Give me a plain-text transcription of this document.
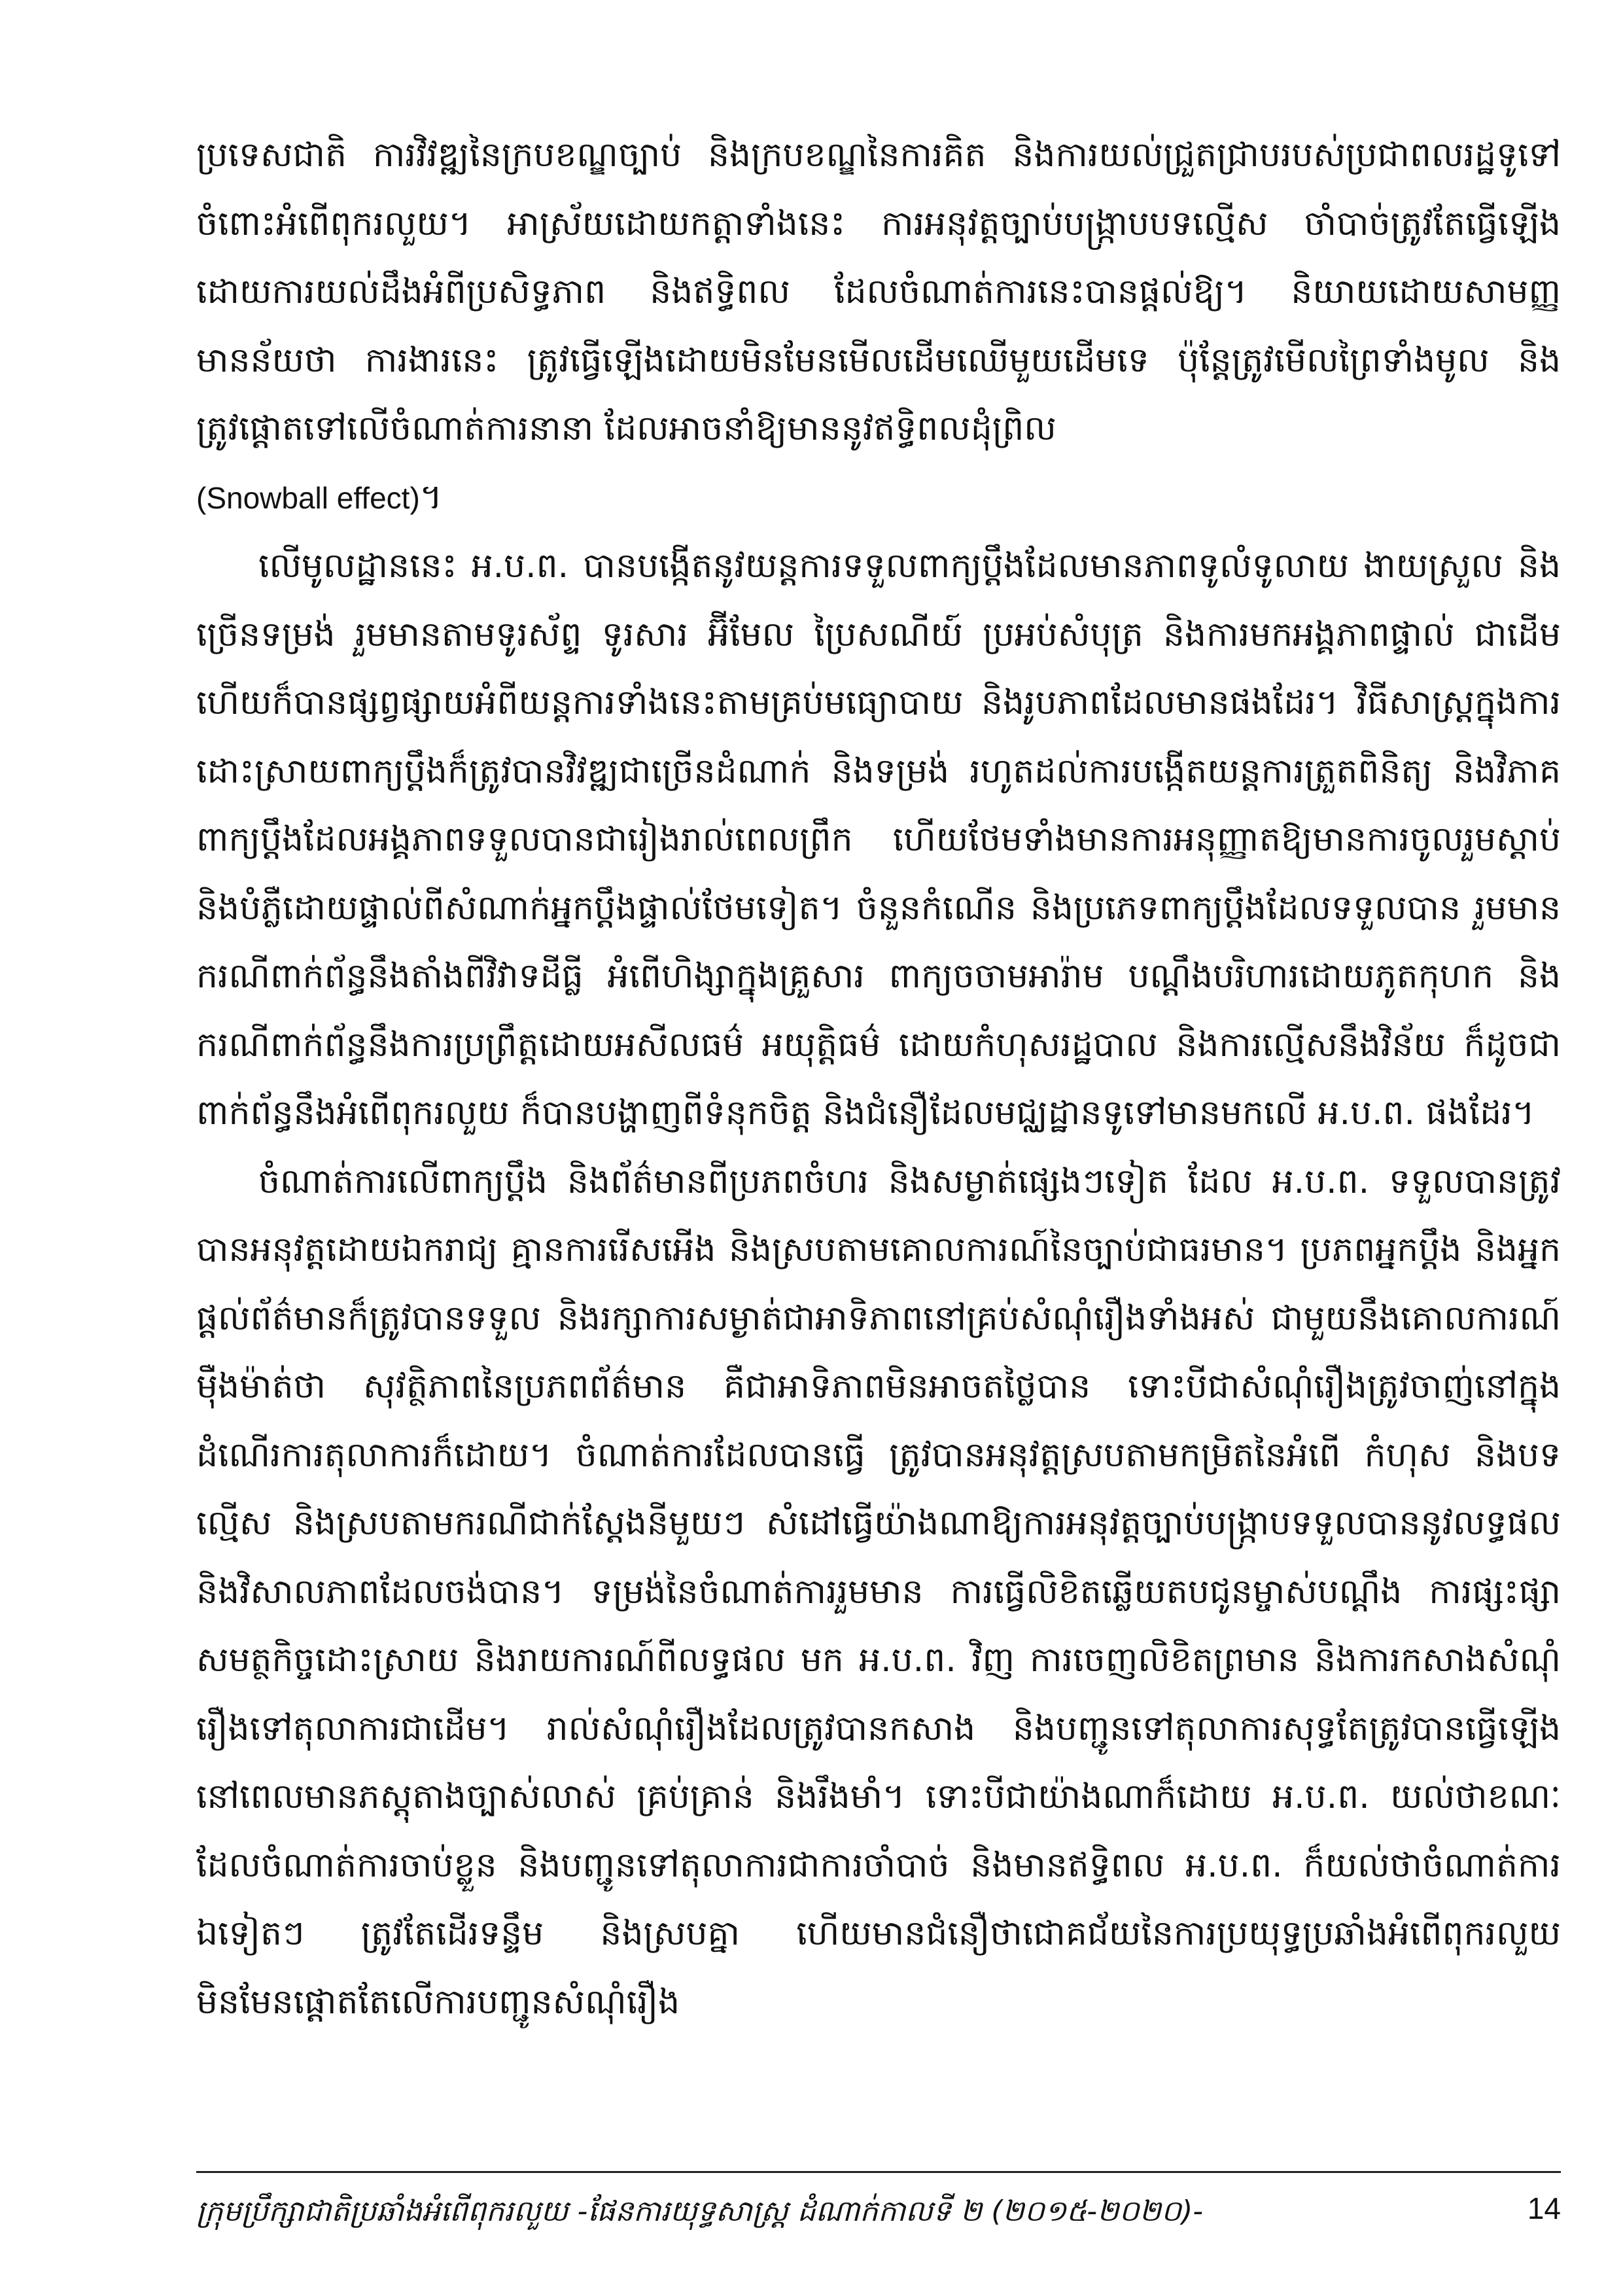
ប្រទេសជាតិ ការវិវឌ្ឍនៃក្របខណ្ឌច្បាប់ និងក្របខណ្ឌនៃការគិត និងការយល់ជ្រួតជ្រាបរបស់ប្រជាពលរដ្ឋទូទៅចំពោះអំពើពុករលួយ។ អាស្រ័យដោយកត្តាទាំងនេះ ការអនុវត្តច្បាប់បង្ក្រាបបទល្មើស ចាំបាច់ត្រូវតែធ្វើឡើងដោយការយល់ដឹងអំពីប្រសិទ្ធភាព និងឥទ្ធិពល ដែលចំណាត់ការនេះបានផ្តល់ឱ្យ។ និយាយដោយសាមញ្ញមានន័យថា ការងារនេះ ត្រូវធ្វើឡើងដោយមិនមែនមើលដើមឈើមួយដើមទេ ប៉ុន្តែត្រូវមើលព្រៃទាំងមូល និងត្រូវផ្តោតទៅលើចំណាត់ការនានា ដែលអាចនាំឱ្យមាននូវឥទ្ធិពលដុំព្រិល
(Snowball effect)។

លើមូលដ្ឋាននេះ អ.ប.ព. បានបង្កើតនូវយន្តការទទួលពាក្យប្តឹងដែលមានភាពទូលំទូលាយ ងាយស្រួល និងច្រើនទម្រង់ រួមមានតាមទូរស័ព្ទ ទូរសារ អ៊ីមែល ប្រៃសណីយ៍ ប្រអប់សំបុត្រ និងការមកអង្គភាពផ្ទាល់ ជាដើម ហើយក៏បានផ្សព្វផ្សាយអំពីយន្តការទាំងនេះតាមគ្រប់មធ្យោបាយ និងរូបភាពដែលមានផងដែរ។ វិធីសាស្ត្រក្នុងការដោះស្រាយពាក្យប្តឹងក៏ត្រូវបានវិវឌ្ឍជាច្រើនដំណាក់ និងទម្រង់ រហូតដល់ការបង្កើតយន្តការត្រួតពិនិត្យ និងវិភាគពាក្យប្តឹងដែលអង្គភាពទទួលបានជារៀងរាល់ពេលព្រឹក ហើយថែមទាំងមានការអនុញ្ញាតឱ្យមានការចូលរួមស្តាប់ និងបំភ្លឺដោយផ្ទាល់ពីសំណាក់អ្នកប្តឹងផ្ទាល់ថែមទៀត។ ចំនួនកំណើន និងប្រភេទពាក្យប្តឹងដែលទទួលបាន រួមមានករណីពាក់ព័ន្ធនឹងតាំងពីវិវាទដីធ្លី អំពើហិង្សាក្នុងគ្រួសារ ពាក្យចចាមអារ៉ាម បណ្តឹងបរិហារដោយភូតកុហក និងករណីពាក់ព័ន្ធនឹងការប្រព្រឹត្តដោយអសីលធម៌ អយុត្តិធម៌ ដោយកំហុសរដ្ឋបាល និងការល្មើសនឹងវិន័យ ក៏ដូចជាពាក់ព័ន្ធនឹងអំពើពុករលួយ ក៏បានបង្ហាញពីទំនុកចិត្ត និងជំនឿដែលមជ្ឈដ្ឋានទូទៅមានមកលើ អ.ប.ព. ផងដែរ។

ចំណាត់ការលើពាក្យប្តឹង និងព័ត៌មានពីប្រភពចំហរ និងសម្ងាត់ផ្សេងៗទៀត ដែល អ.ប.ព. ទទួលបានត្រូវបានអនុវត្តដោយឯករាជ្យ គ្មានការរើសអើង និងស្របតាមគោលការណ៍នៃច្បាប់ជាធរមាន។ ប្រភពអ្នកប្តឹង និងអ្នកផ្តល់ព័ត៌មានក៏ត្រូវបានទទួល និងរក្សាការសម្ងាត់ជាអាទិភាពនៅគ្រប់សំណុំរឿងទាំងអស់ ជាមួយនឹងគោលការណ៍ម៉ឺងម៉ាត់ថា សុវត្ថិភាពនៃប្រភពព័ត៌មាន គឺជាអាទិភាពមិនអាចតថ្លៃបាន ទោះបីជាសំណុំរឿងត្រូវចាញ់នៅក្នុងដំណើរការតុលាការក៏ដោយ។ ចំណាត់ការដែលបានធ្វើ ត្រូវបានអនុវត្តស្របតាមកម្រិតនៃអំពើ កំហុស និងបទល្មើស និងស្របតាមករណីជាក់ស្តែងនីមួយៗ សំដៅធ្វើយ៉ាងណាឱ្យការអនុវត្តច្បាប់បង្ក្រាបទទួលបាននូវលទ្ធផល និងវិសាលភាពដែលចង់បាន។ ទម្រង់នៃចំណាត់ការរួមមាន ការធ្វើលិខិតឆ្លើយតបជូនម្ចាស់បណ្តឹង ការផ្សះផ្សាសមត្ថកិច្ចដោះស្រាយ និងរាយការណ៍ពីលទ្ធផល មក អ.ប.ព. វិញ ការចេញលិខិតព្រមាន និងការកសាងសំណុំរឿងទៅតុលាការជាដើម។ រាល់សំណុំរឿងដែលត្រូវបានកសាង និងបញ្ជូនទៅតុលាការសុទ្ធតែត្រូវបានធ្វើឡើងនៅពេលមានភស្តុតាងច្បាស់លាស់ គ្រប់គ្រាន់ និងរឹងមាំ។ ទោះបីជាយ៉ាងណាក៏ដោយ អ.ប.ព. យល់ថាខណៈដែលចំណាត់ការចាប់ខ្លួន និងបញ្ជូនទៅតុលាការជាការចាំបាច់ និងមានឥទ្ធិពល អ.ប.ព. ក៏យល់ថាចំណាត់ការឯទៀតៗ ត្រូវតែដើរទន្ទឹម និងស្របគ្នា ហើយមានជំនឿថាជោគជ័យនៃការប្រយុទ្ធប្រឆាំងអំពើពុករលួយ មិនមែនផ្តោតតែលើការបញ្ជូនសំណុំរឿង

ក្រុមប្រឹក្សាជាតិប្រឆាំងអំពើពុករលួយ -ផែនការយុទ្ធសាស្ត្រ ដំណាក់កាលទី ២ (២០១៥-២០២០)-	14
